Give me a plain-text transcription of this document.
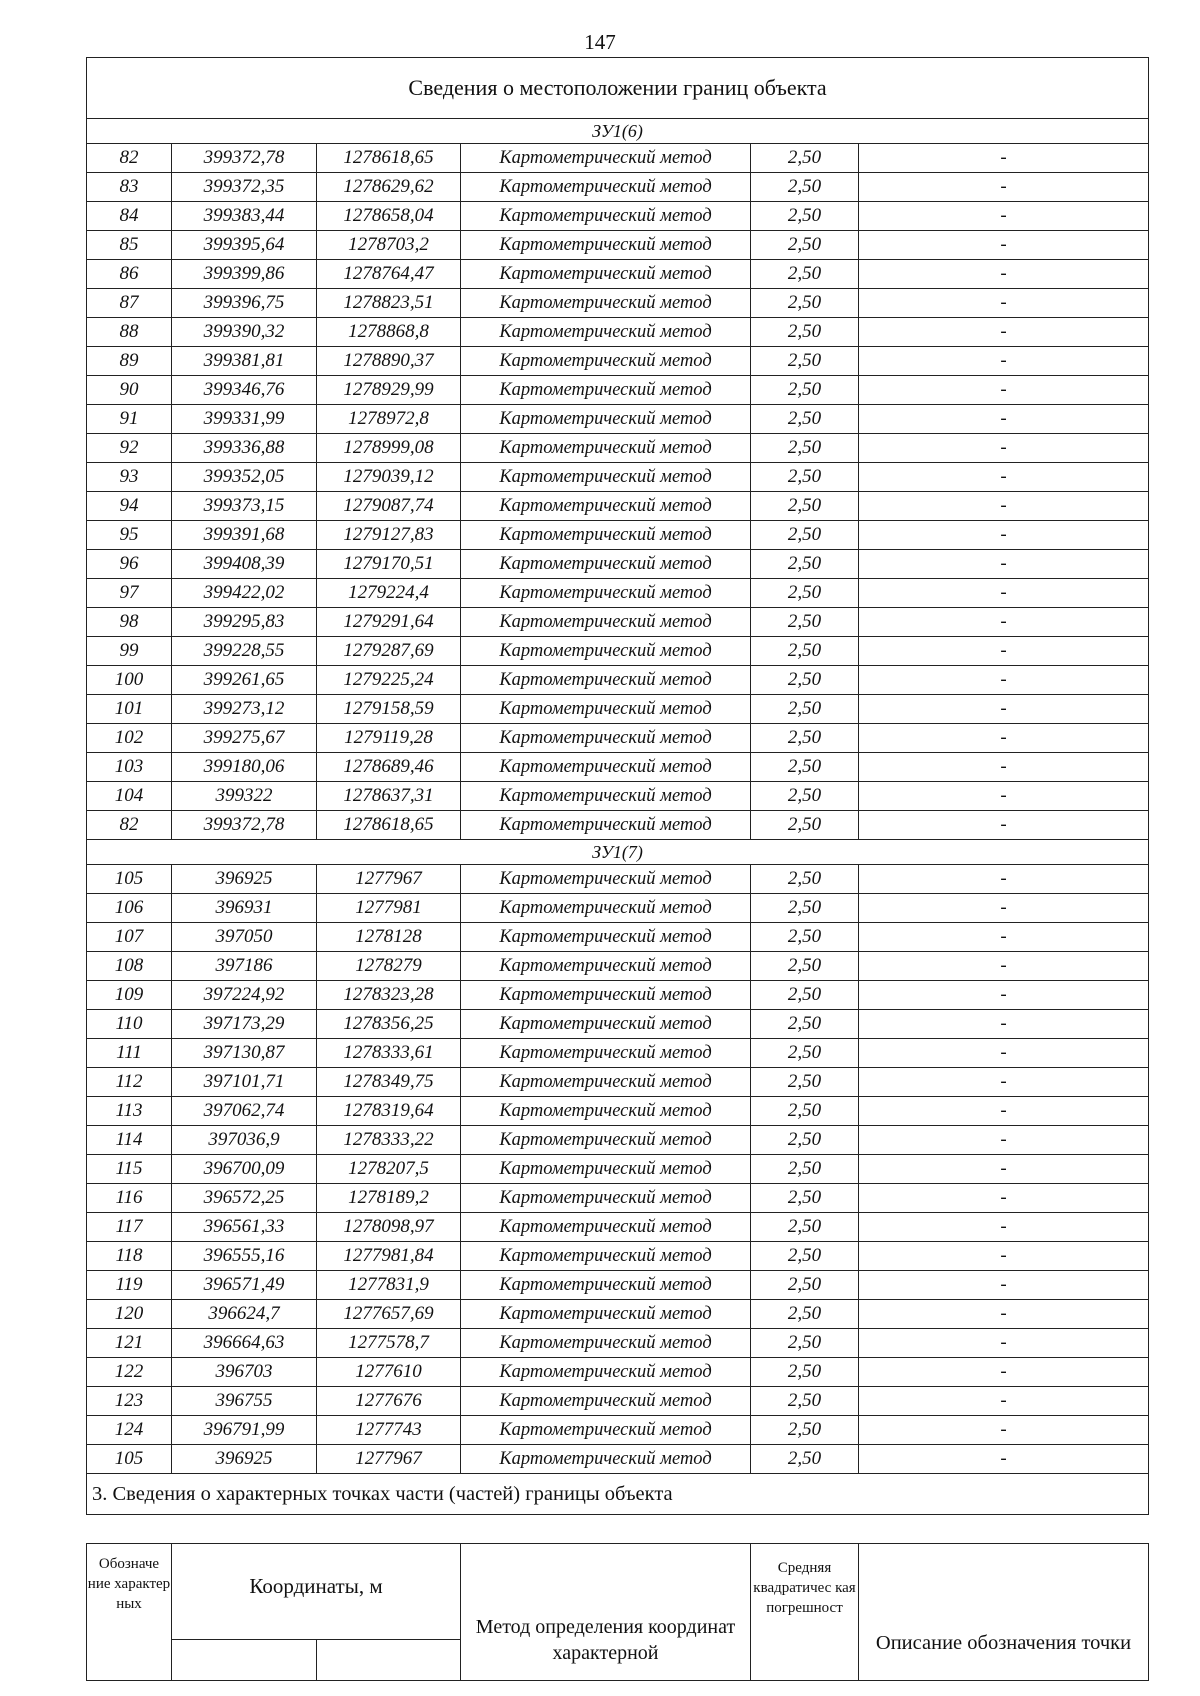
147
Сведения о местоположении границ объекта					
ЗУ1(6)					
82	399372,78	1278618,65	Картометрический метод	2,50	-
83	399372,35	1278629,62	Картометрический метод	2,50	-
84	399383,44	1278658,04	Картометрический метод	2,50	-
85	399395,64	1278703,2	Картометрический метод	2,50	-
86	399399,86	1278764,47	Картометрический метод	2,50	-
87	399396,75	1278823,51	Картометрический метод	2,50	-
88	399390,32	1278868,8	Картометрический метод	2,50	-
89	399381,81	1278890,37	Картометрический метод	2,50	-
90	399346,76	1278929,99	Картометрический метод	2,50	-
91	399331,99	1278972,8	Картометрический метод	2,50	-
92	399336,88	1278999,08	Картометрический метод	2,50	-
93	399352,05	1279039,12	Картометрический метод	2,50	-
94	399373,15	1279087,74	Картометрический метод	2,50	-
95	399391,68	1279127,83	Картометрический метод	2,50	-
96	399408,39	1279170,51	Картометрический метод	2,50	-
97	399422,02	1279224,4	Картометрический метод	2,50	-
98	399295,83	1279291,64	Картометрический метод	2,50	-
99	399228,55	1279287,69	Картометрический метод	2,50	-
100	399261,65	1279225,24	Картометрический метод	2,50	-
101	399273,12	1279158,59	Картометрический метод	2,50	-
102	399275,67	1279119,28	Картометрический метод	2,50	-
103	399180,06	1278689,46	Картометрический метод	2,50	-
104	399322	1278637,31	Картометрический метод	2,50	-
82	399372,78	1278618,65	Картометрический метод	2,50	-
ЗУ1(7)					
105	396925	1277967	Картометрический метод	2,50	-
106	396931	1277981	Картометрический метод	2,50	-
107	397050	1278128	Картометрический метод	2,50	-
108	397186	1278279	Картометрический метод	2,50	-
109	397224,92	1278323,28	Картометрический метод	2,50	-
110	397173,29	1278356,25	Картометрический метод	2,50	-
111	397130,87	1278333,61	Картометрический метод	2,50	-
112	397101,71	1278349,75	Картометрический метод	2,50	-
113	397062,74	1278319,64	Картометрический метод	2,50	-
114	397036,9	1278333,22	Картометрический метод	2,50	-
115	396700,09	1278207,5	Картометрический метод	2,50	-
116	396572,25	1278189,2	Картометрический метод	2,50	-
117	396561,33	1278098,97	Картометрический метод	2,50	-
118	396555,16	1277981,84	Картометрический метод	2,50	-
119	396571,49	1277831,9	Картометрический метод	2,50	-
120	396624,7	1277657,69	Картометрический метод	2,50	-
121	396664,63	1277578,7	Картометрический метод	2,50	-
122	396703	1277610	Картометрический метод	2,50	-
123	396755	1277676	Картометрический метод	2,50	-
124	396791,99	1277743	Картометрический метод	2,50	-
105	396925	1277967	Картометрический метод	2,50	-
3. Сведения о характерных точках части (частей) границы объекта					
Обозначе ние характер ных	Координаты, м		Метод определения координат характерной	Средняя квадратичес кая погрешност	Описание обозначения точки
